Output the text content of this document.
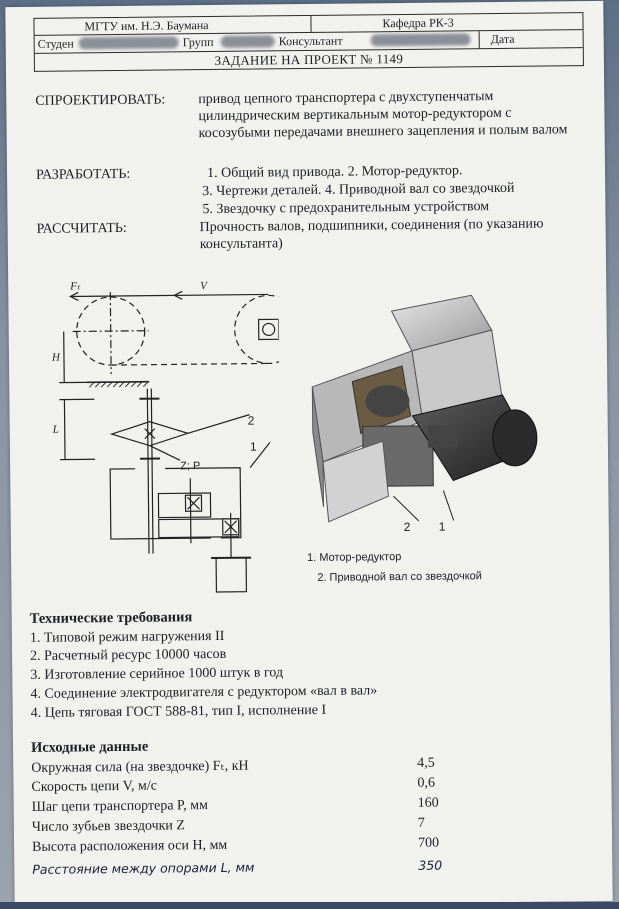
МГТУ им. Н.Э. Баумана	Кафедра РК-3
Студен	Групп	Консультант	Дата
ЗАДАНИЕ НА ПРОЕКТ № 1149
СПРОЕКТИРОВАТЬ: привод цепного транспортера с двухступенчатым цилиндрическим вертикальным мотор-редуктором с косозубыми передачами внешнего зацепления и полым валом
РАЗРАБОТАТЬ:	1. Общий вид привода. 2. Мотор-редуктор.
3. Чертежи деталей. 4. Приводной вал со звездочкой
5. Звездочку с предохранительным устройством
РАССЧИТАТЬ:	Прочность валов, подшипники, соединения (по указанию консультанта)
Fₜ	V
H
L
Z; P
2
1
2 1
1. Мотор-редуктор
2. Приводной вал со звездочкой
Технические требования
1. Типовой режим нагружения II
2. Расчетный ресурс 10000 часов
3. Изготовление серийное 1000 штук в год
4. Соединение электродвигателя с редуктором «вал в вал»
4. Цепь тяговая ГОСТ 588-81, тип I, исполнение I
Исходные данные
Окружная сила (на звездочке) Fₜ, кН	4,5
Скорость цепи V, м/с	0,6
Шаг цепи транспортера P, мм	160
Число зубьев звездочки Z	7
Высота расположения оси H, мм	700
Расстояние между опорами L, мм	350
